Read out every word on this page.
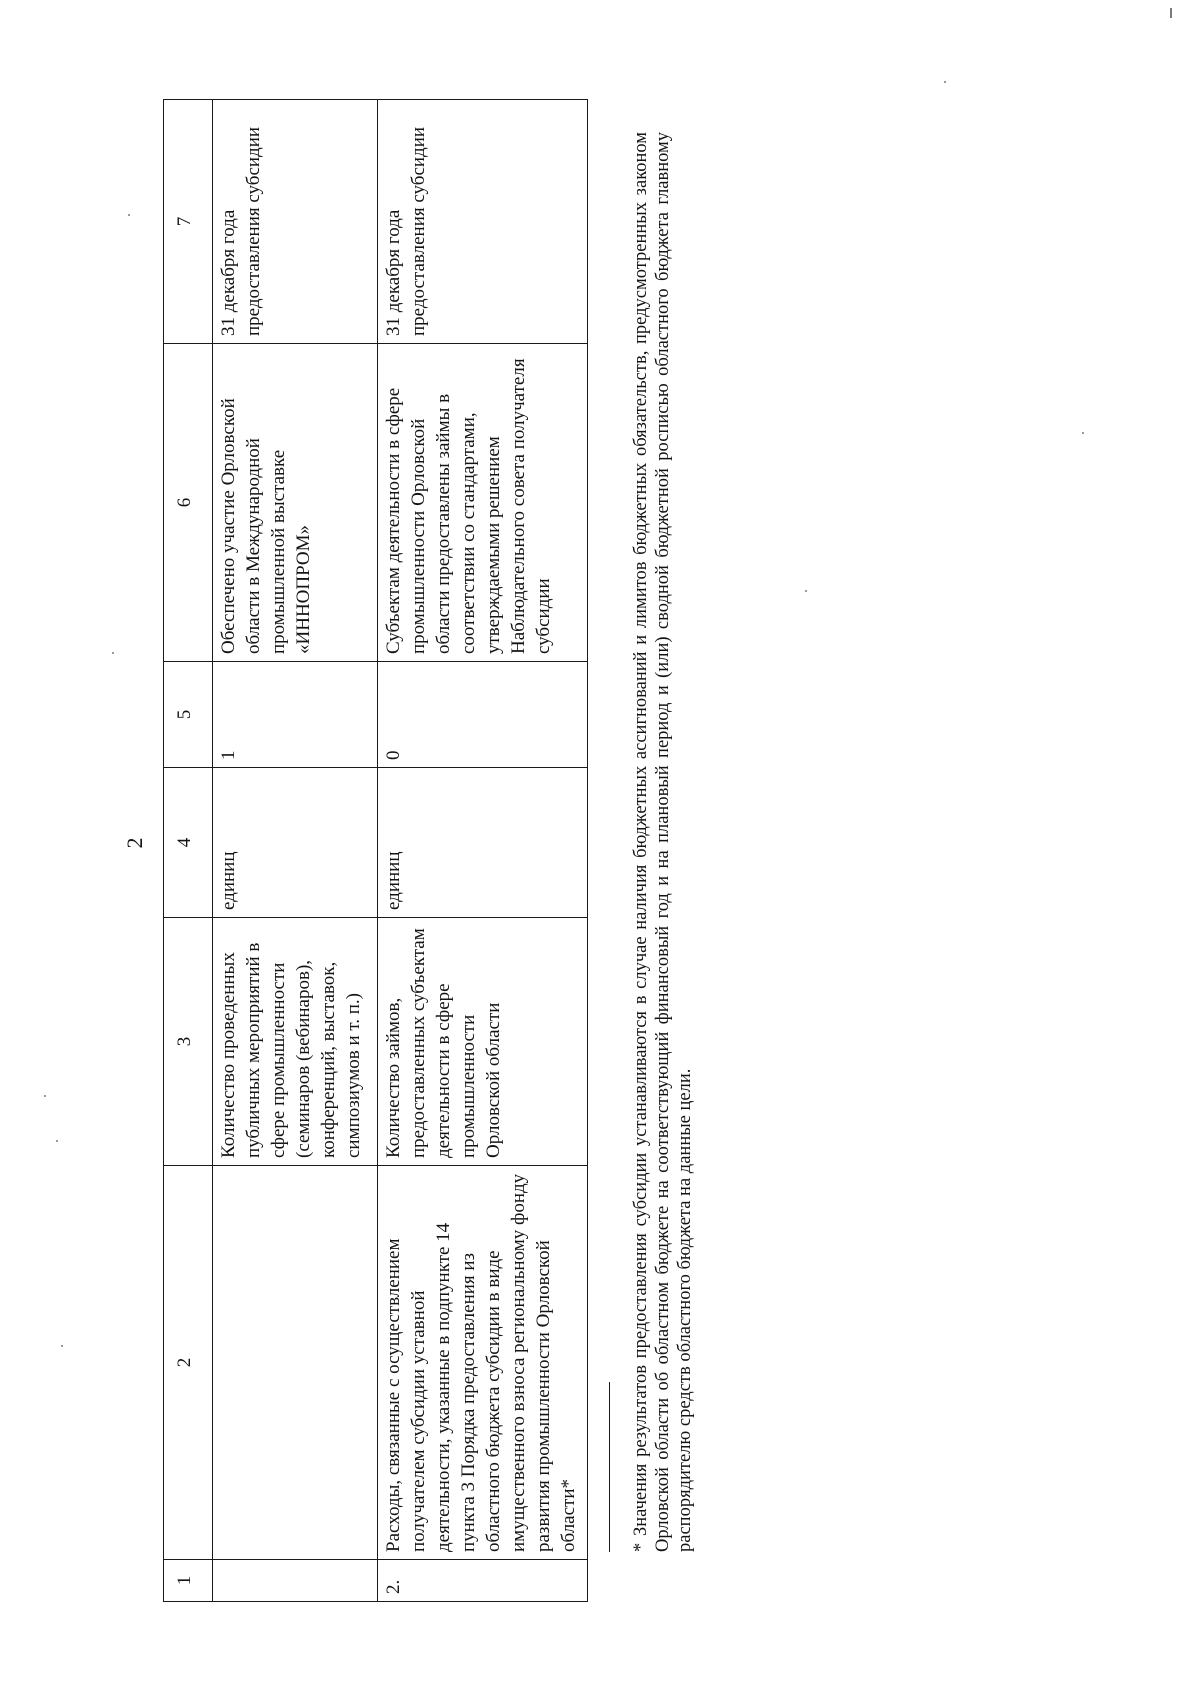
2
1	2	3	4	5	6	7
		Количество проведенных публичных мероприятий в сфере промышленности (семинаров (вебинаров), конференций, выставок, симпозиумов и т. п.)	единиц	1	Обеспечено участие Орловской области в Международной промышленной выставке «ИННОПРОМ»	31 декабря года предоставления субсидии
2.	Расходы, связанные с осуществлением получателем субсидии уставной деятельности, указанные в подпункте 14 пункта 3 Порядка предоставления из областного бюджета субсидии в виде имущественного взноса региональному фонду развития промышленности Орловской области*	Количество займов, предоставленных субъектам деятельности в сфере промышленности Орловской области	единиц	0	Субъектам деятельности в сфере промышленности Орловской области предоставлены займы в соответствии со стандартами, утверждаемыми решением Наблюдательного совета получателя субсидии	31 декабря года предоставления субсидии	* Значения результатов предоставления субсидии устанавливаются в случае наличия бюджетных ассигнований и лимитов бюджетных обязательств, предусмотренных законом Орловской области об областном бюджете на соответствующий финансовый год и на плановый период и (или) сводной бюджетной росписью областного бюджета главному распорядителю средств областного бюджета на данные цели.
